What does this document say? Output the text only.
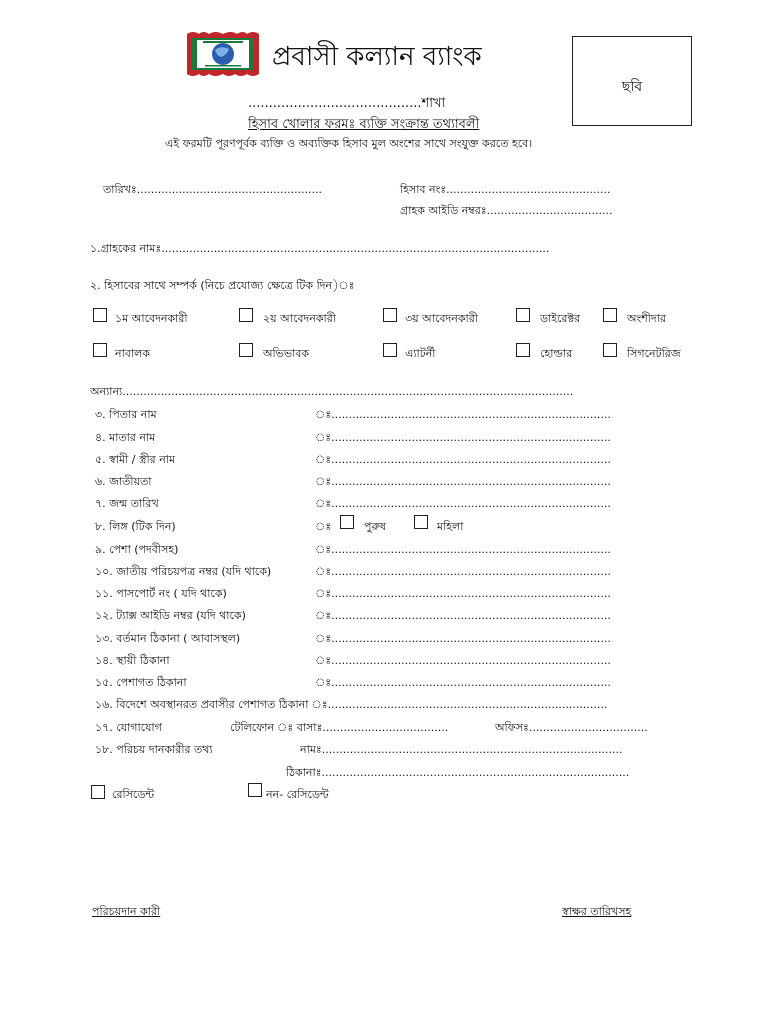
প্রবাসী কল্যান ব্যাংক
ছবি
..........................................শাখা
হিসাব খোলার ফরমঃ ব্যক্তি সংক্রান্ত তথ্যাবলী
এই ফরমটি পূরণপূর্বক ব্যক্তি ও অব্যক্তিক হিসাব মুল অংশের সাথে সংযুক্ত করতে হবে।
তারিখঃ.....................................................	হিসাব নংঃ...............................................
গ্রাহক আইডি নম্বরঃ....................................
১.গ্রাহকের নামঃ...............................................................................................................
২. হিসাবের সাথে সম্পর্ক (নিচে প্রযোজ্য ক্ষেত্রে টিক দিন)ঃ
১ম আবেদনকারী	২য় আবেদনকারী	৩য় আবেদনকারী	ডাইরেক্টর	অংশীদার
নাবালক	অভিভাবক	এ্যাটর্নী	হোল্ডার	সিগনেটরিজ
অন্যান্য.................................................................................................................................
৩. পিতার নাম	ঃ................................................................................
৪. মাতার নাম	ঃ................................................................................
৫. স্বামী / স্ত্রীর নাম	ঃ................................................................................
৬. জাতীয়তা	ঃ................................................................................
৭. জন্ম তারিখ	ঃ................................................................................
৮. লিঙ্গ (টিক দিন)	ঃ	পুরুষ	মহিলা
৯. পেশা (পদবীসহ)	ঃ................................................................................
১০. জাতীয় পরিচয়পত্র নম্বর (যদি থাকে)	ঃ................................................................................
১১. পাসপোর্ট নং ( যদি থাকে)	ঃ................................................................................
১২. ট্যাক্স আইডি নম্বর (যদি থাকে)	ঃ................................................................................
১৩. বর্তমান ঠিকানা ( আবাসস্থল)	ঃ................................................................................
১৪. স্থায়ী ঠিকানা	ঃ................................................................................
১৫. পেশাগত ঠিকানা	ঃ................................................................................
১৬. বিদেশে অবস্থানরত প্রবাসীর পেশাগত ঠিকানা ঃ................................................................................
১৭. যোগাযোগ	টেলিফোন ঃ বাসাঃ....................................	অফিসঃ..................................
১৮. পরিচয় দানকারীর তথ্য	নামঃ......................................................................................
ঠিকানাঃ........................................................................................
রেসিডেন্ট	নন- রেসিডেন্ট
পরিচয়দান কারী	স্বাক্ষর তারিখসহ
